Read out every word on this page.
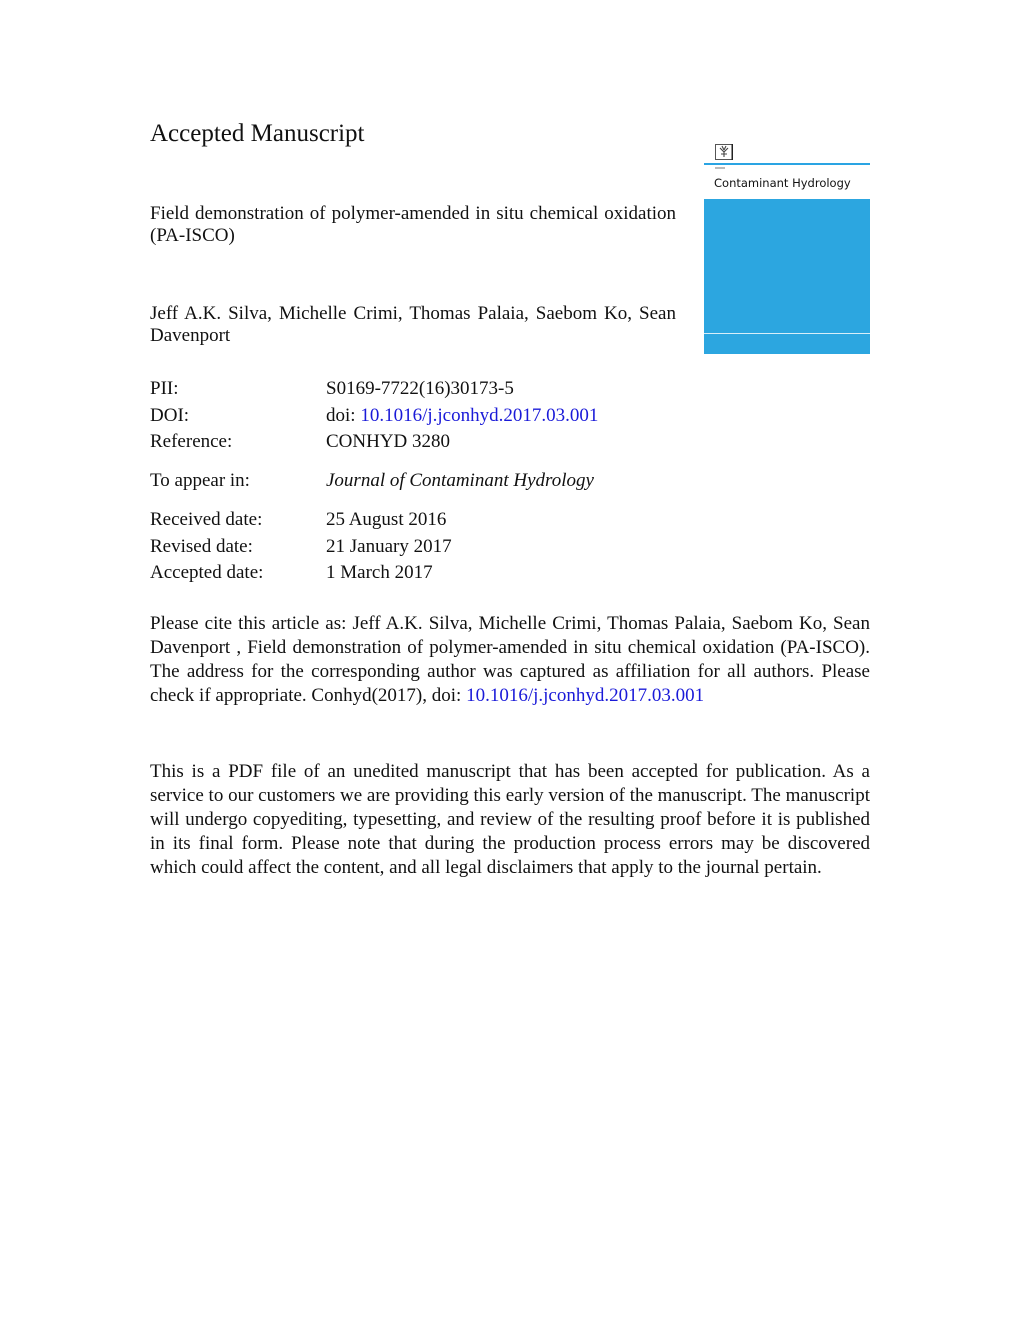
Accepted Manuscript
Contaminant Hydrology
Field demonstration of polymer-amended in situ chemical oxidation (PA-ISCO)
Jeff A.K. Silva, Michelle Crimi, Thomas Palaia, Saebom Ko, Sean Davenport
PII:	S0169-7722(16)30173-5
DOI:	doi: 10.1016/j.jconhyd.2017.03.001
Reference:	CONHYD 3280
To appear in:	Journal of Contaminant Hydrology
Received date:	25 August 2016
Revised date:	21 January 2017
Accepted date:	1 March 2017
Please cite this article as: Jeff A.K. Silva, Michelle Crimi, Thomas Palaia, Saebom Ko, Sean Davenport , Field demonstration of polymer-amended in situ chemical oxidation (PA-ISCO). The address for the corresponding author was captured as affiliation for all authors. Please check if appropriate. Conhyd(2017), doi: 10.1016/j.jconhyd.2017.03.001
This is a PDF file of an unedited manuscript that has been accepted for publication. As a service to our customers we are providing this early version of the manuscript. The manuscript will undergo copyediting, typesetting, and review of the resulting proof before it is published in its final form. Please note that during the production process errors may be discovered which could affect the content, and all legal disclaimers that apply to the journal pertain.
